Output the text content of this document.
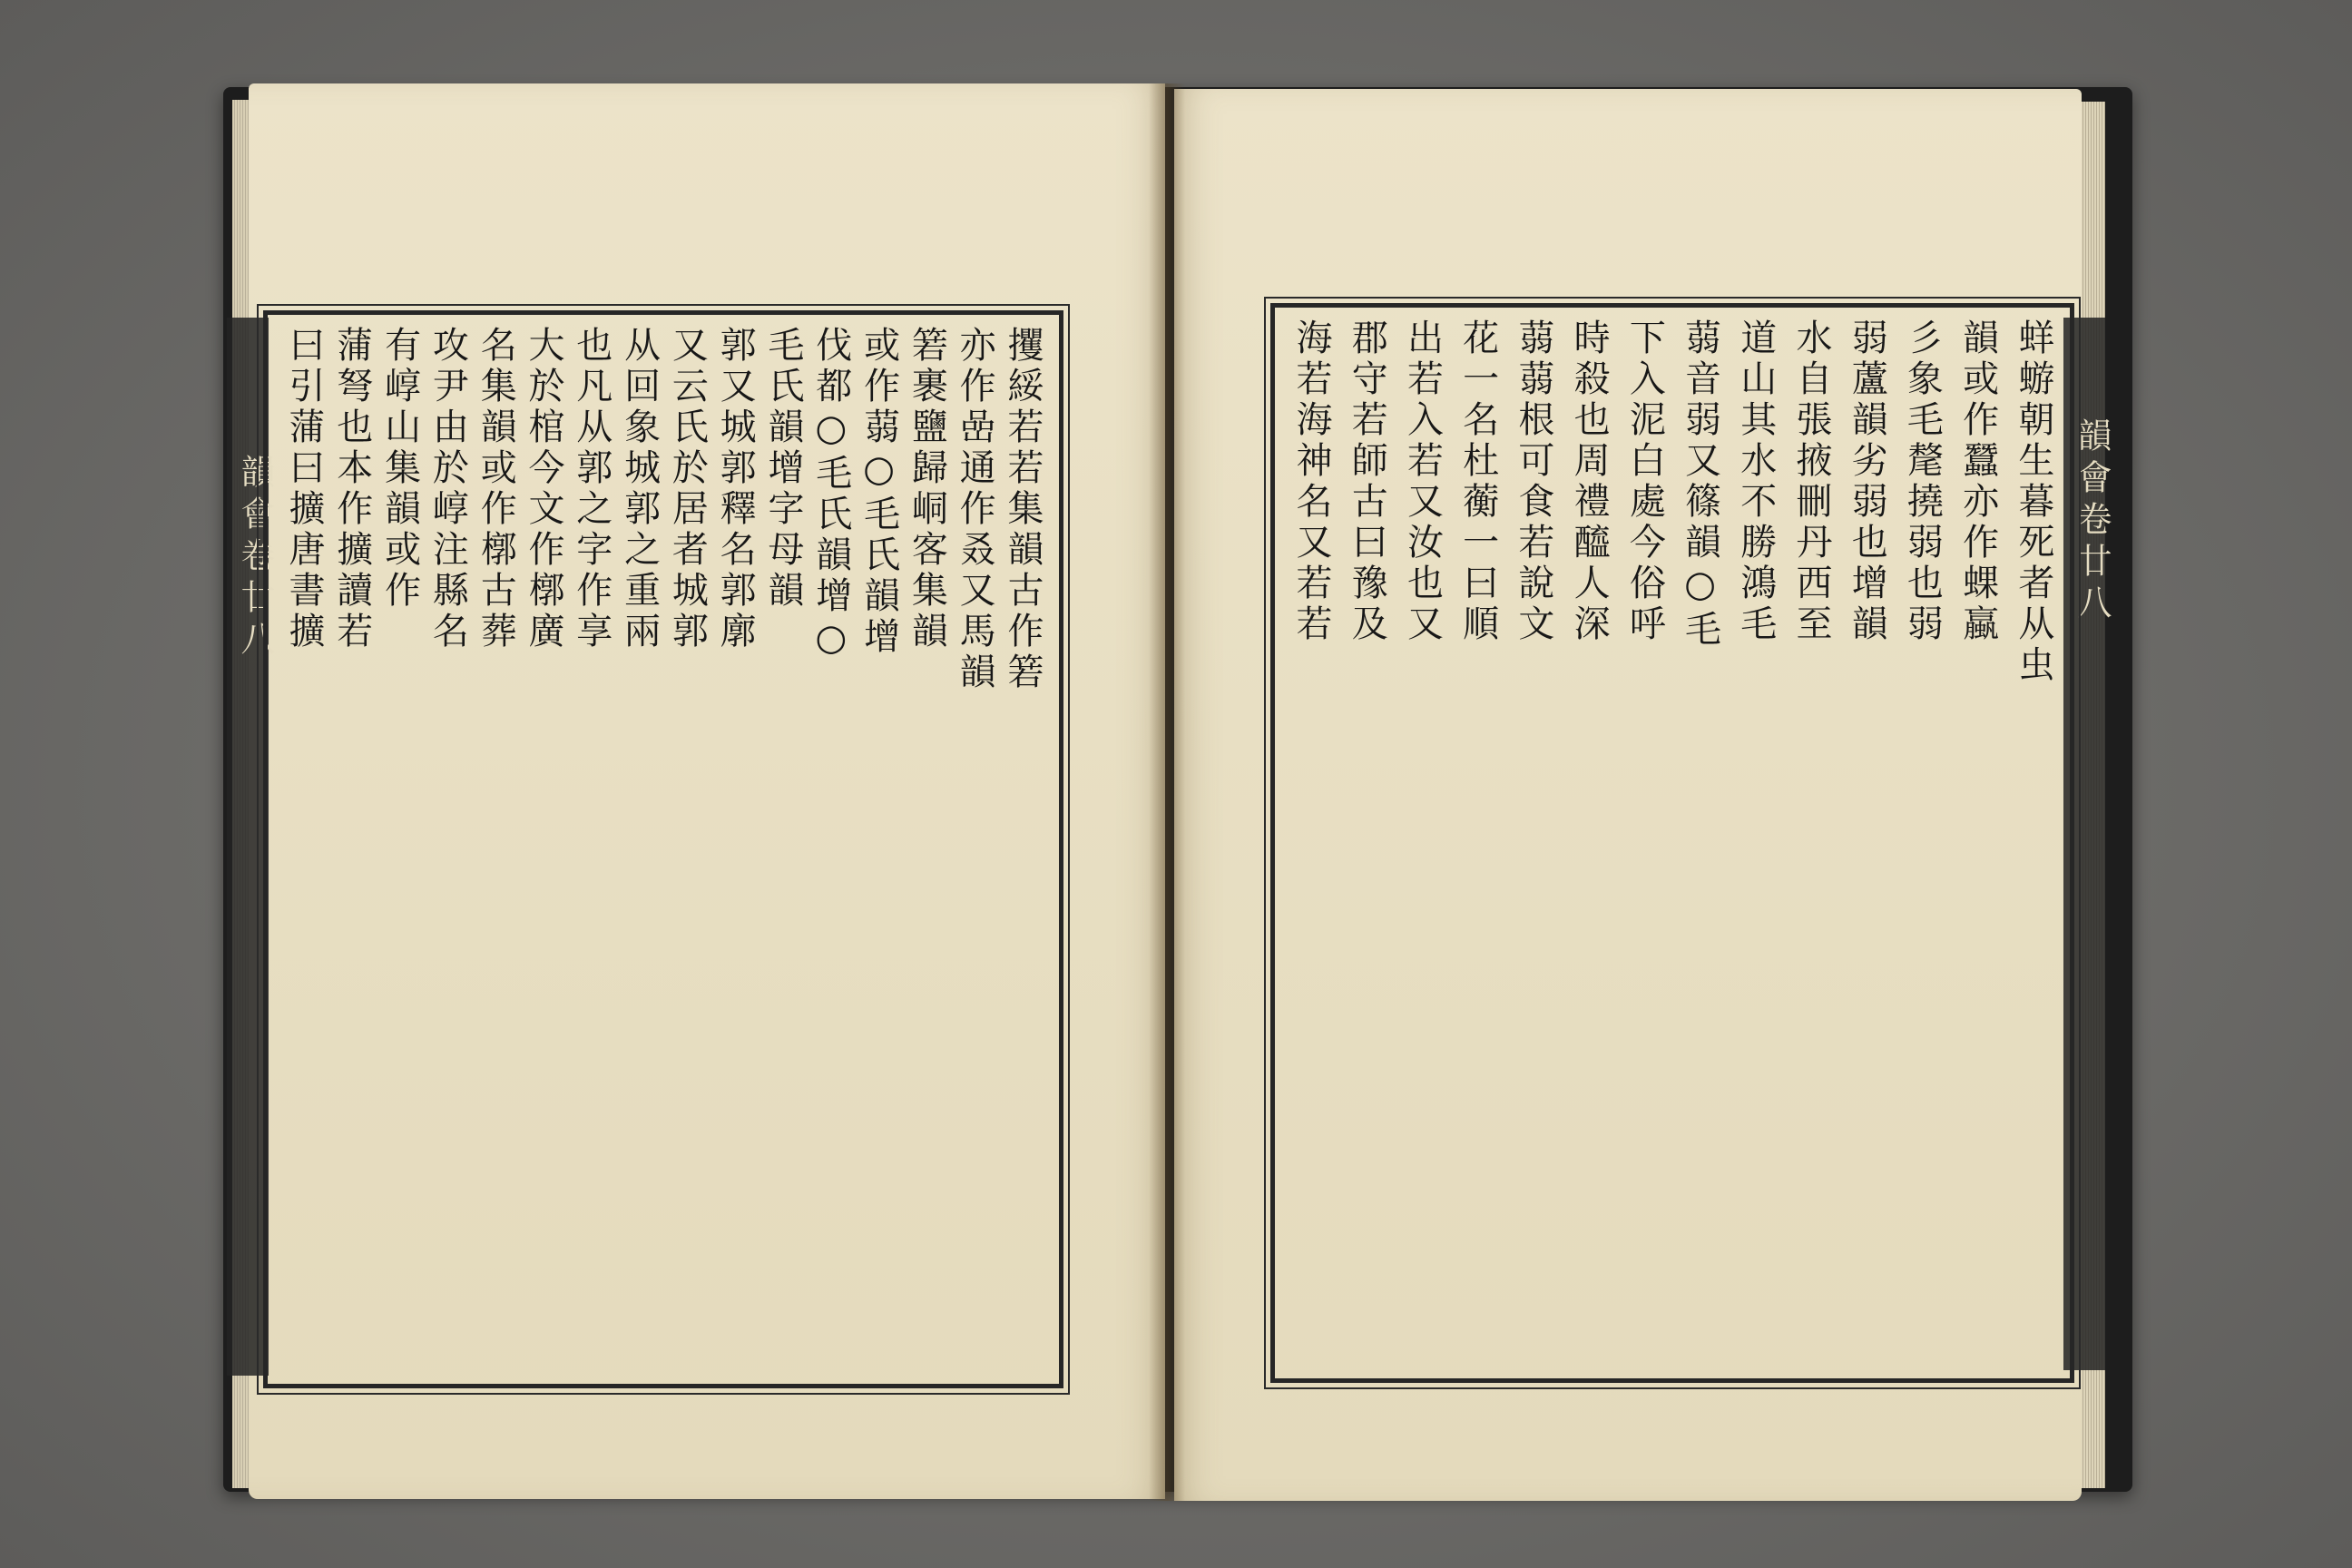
韻會卷廿八	韻會卷廿八
攫綏若若集韻古作箬
亦作嵒通作叒又馬韻
箬裹鹽歸峒客集韻
或作蒻○毛氏韻增
伐都○毛氏韻增○
毛氏韻增字母韻
郭又城郭釋名郭廓
又云氏於居者城郭
从回象城郭之重兩
也凡从郭之字作享
大於棺今文作槨廣
名集韻或作槨古葬
攻尹由於崞注縣名
有崞山集韻或作
蒲弩也本作擴讀若
曰引蒲曰擴唐書擴	蛘蝣朝生暮死者从虫
韻或作蠶亦作蜾蠃
彡象毛氂撓弱也弱
弱蘆韻劣弱也增韻
水自張掖刪丹西至
道山其水不勝鴻毛
蒻音弱又篠韻○毛
下入泥白處今俗呼
時殺也周禮醯人深
蒻蒻根可食若說文
花一名杜蘅一曰順
出若入若又汝也又
郡守若師古曰豫及
海若海神名又若若
